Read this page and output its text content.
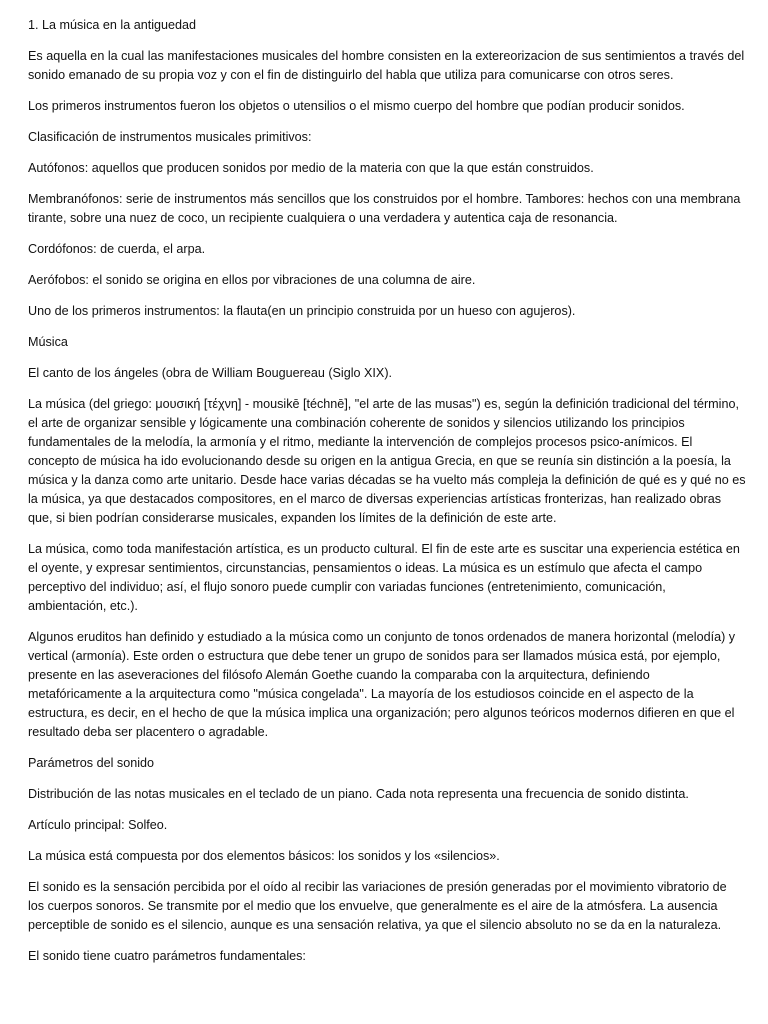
1. La música en la antiguedad

Es aquella en la cual las manifestaciones musicales del hombre consisten en la extereorizacion de sus sentimientos a través del sonido emanado de su propia voz y con el fin de distinguirlo del habla que utiliza para comunicarse con otros seres.

Los primeros instrumentos fueron los objetos o utensilios o el mismo cuerpo del hombre que podían producir sonidos.

Clasificación de instrumentos musicales primitivos:

Autófonos: aquellos que producen sonidos por medio de la materia con que la que están construidos.

Membranófonos: serie de instrumentos más sencillos que los construidos por el hombre. Tambores: hechos con una membrana tirante, sobre una nuez de coco, un recipiente cualquiera o una verdadera y autentica caja de resonancia.

Cordófonos: de cuerda, el arpa.

Aerófobos: el sonido se origina en ellos por vibraciones de una columna de aire.

Uno de los primeros instrumentos: la flauta(en un principio construida por un hueso con agujeros).

Música

El canto de los ángeles (obra de William Bouguereau (Siglo XIX).

La música (del griego: μουσική [τέχνη] - mousikē [téchnē], "el arte de las musas") es, según la definición tradicional del término, el arte de organizar sensible y lógicamente una combinación coherente de sonidos y silencios utilizando los principios fundamentales de la melodía, la armonía y el ritmo, mediante la intervención de complejos procesos psico-anímicos. El concepto de música ha ido evolucionando desde su origen en la antigua Grecia, en que se reunía sin distinción a la poesía, la música y la danza como arte unitario. Desde hace varias décadas se ha vuelto más compleja la definición de qué es y qué no es la música, ya que destacados compositores, en el marco de diversas experiencias artísticas fronterizas, han realizado obras que, si bien podrían considerarse musicales, expanden los límites de la definición de este arte.

La música, como toda manifestación artística, es un producto cultural. El fin de este arte es suscitar una experiencia estética en el oyente, y expresar sentimientos, circunstancias, pensamientos o ideas. La música es un estímulo que afecta el campo perceptivo del individuo; así, el flujo sonoro puede cumplir con variadas funciones (entretenimiento, comunicación, ambientación, etc.).

Algunos eruditos han definido y estudiado a la música como un conjunto de tonos ordenados de manera horizontal (melodía) y vertical (armonía). Este orden o estructura que debe tener un grupo de sonidos para ser llamados música está, por ejemplo, presente en las aseveraciones del filósofo Alemán Goethe cuando la comparaba con la arquitectura, definiendo metafóricamente a la arquitectura como "música congelada". La mayoría de los estudiosos coincide en el aspecto de la estructura, es decir, en el hecho de que la música implica una organización; pero algunos teóricos modernos difieren en que el resultado deba ser placentero o agradable.

Parámetros del sonido

Distribución de las notas musicales en el teclado de un piano. Cada nota representa una frecuencia de sonido distinta.

Artículo principal: Solfeo.

La música está compuesta por dos elementos básicos: los sonidos y los «silencios».

El sonido es la sensación percibida por el oído al recibir las variaciones de presión generadas por el movimiento vibratorio de los cuerpos sonoros. Se transmite por el medio que los envuelve, que generalmente es el aire de la atmósfera. La ausencia perceptible de sonido es el silencio, aunque es una sensación relativa, ya que el silencio absoluto no se da en la naturaleza.

El sonido tiene cuatro parámetros fundamentales:
